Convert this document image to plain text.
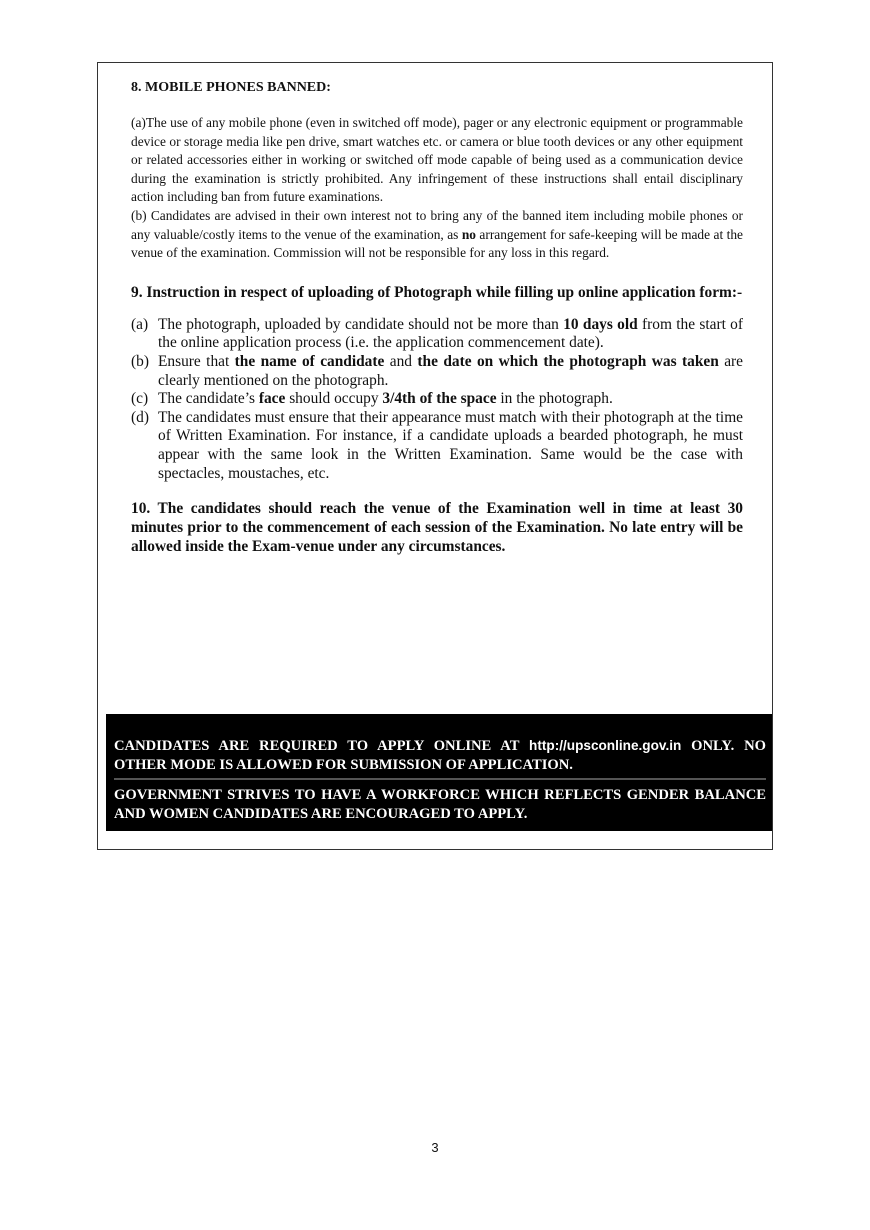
8. MOBILE PHONES BANNED:

(a)The use of any mobile phone (even in switched off mode), pager or any electronic equipment or programmable device or storage media like pen drive, smart watches etc. or camera or blue tooth devices or any other equipment or related accessories either in working or switched off mode capable of being used as a communication device during the examination is strictly prohibited. Any infringement of these instructions shall entail disciplinary action including ban from future examinations.

(b) Candidates are advised in their own interest not to bring any of the banned item including mobile phones or any valuable/costly items to the venue of the examination, as no arrangement for safe-keeping will be made at the venue of the examination. Commission will not be responsible for any loss in this regard.

9. Instruction in respect of uploading of Photograph while filling up online application form:-

(a) The photograph, uploaded by candidate should not be more than 10 days old from the start of the online application process (i.e. the application commencement date).
(b) Ensure that the name of candidate and the date on which the photograph was taken are clearly mentioned on the photograph.
(c) The candidate’s face should occupy 3/4th of the space in the photograph.
(d) The candidates must ensure that their appearance must match with their photograph at the time of Written Examination. For instance, if a candidate uploads a bearded photograph, he must appear with the same look in the Written Examination. Same would be the case with spectacles, moustaches, etc.

10. The candidates should reach the venue of the Examination well in time at least 30 minutes prior to the commencement of each session of the Examination. No late entry will be allowed inside the Exam-venue under any circumstances.

CANDIDATES ARE REQUIRED TO APPLY ONLINE AT http://upsconline.gov.in ONLY. NO OTHER MODE IS ALLOWED FOR SUBMISSION OF APPLICATION.

GOVERNMENT STRIVES TO HAVE A WORKFORCE WHICH REFLECTS GENDER BALANCE AND WOMEN CANDIDATES ARE ENCOURAGED TO APPLY.

3
